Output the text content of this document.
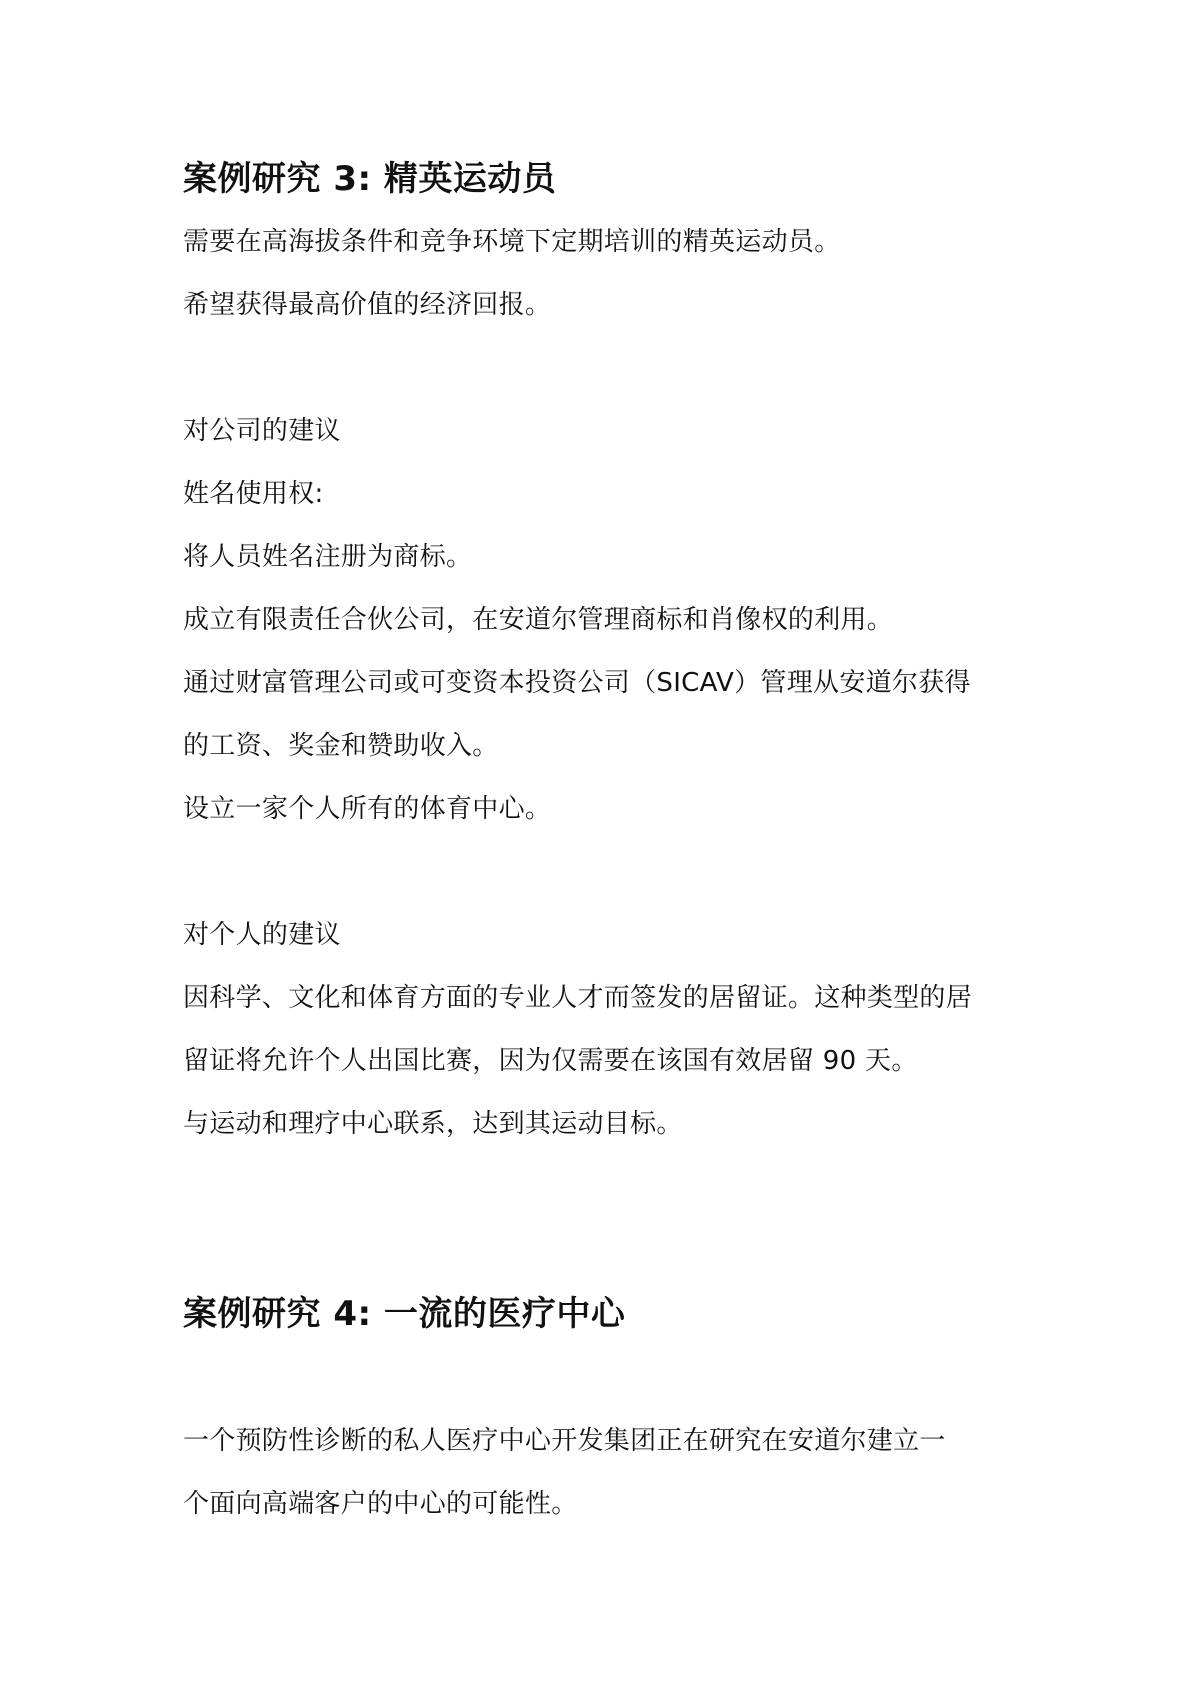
案例研究 3: 精英运动员

需要在高海拔条件和竞争环境下定期培训的精英运动员。

希望获得最高价值的经济回报。

对公司的建议

姓名使用权:

将人员姓名注册为商标。

成立有限责任合伙公司，在安道尔管理商标和肖像权的利用。

通过财富管理公司或可变资本投资公司（SICAV）管理从安道尔获得

的工资、奖金和赞助收入。

设立一家个人所有的体育中心。

对个人的建议

因科学、文化和体育方面的专业人才而签发的居留证。这种类型的居

留证将允许个人出国比赛，因为仅需要在该国有效居留 90 天。

与运动和理疗中心联系，达到其运动目标。

案例研究 4: 一流的医疗中心

一个预防性诊断的私人医疗中心开发集团正在研究在安道尔建立一

个面向高端客户的中心的可能性。
